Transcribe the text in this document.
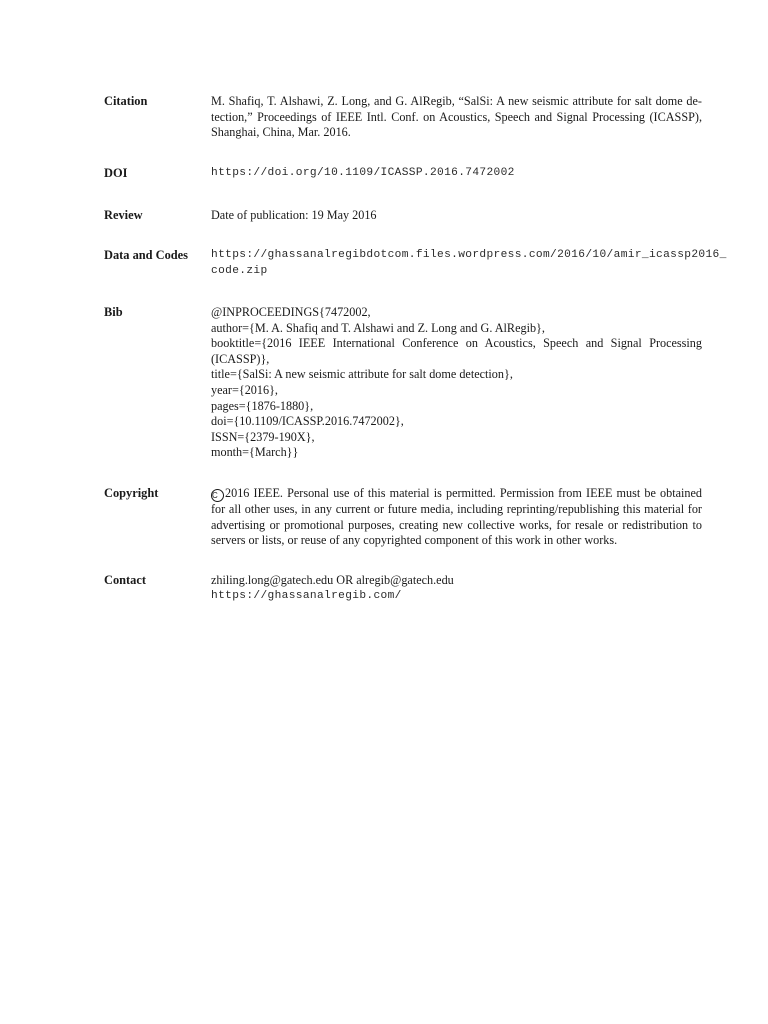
Citation	M. Shafiq, T. Alshawi, Z. Long, and G. AlRegib, “SalSi: A new seismic attribute for salt dome de-
tection,” Proceedings of IEEE Intl. Conf. on Acoustics, Speech and Signal Processing (ICASSP),
Shanghai, China, Mar. 2016.
DOI	https://doi.org/10.1109/ICASSP.2016.7472002
Review	Date of publication: 19 May 2016
Data and Codes https://ghassanalregibdotcom.files.wordpress.com/2016/10/amir_icassp2016_
code.zip
Bib	@INPROCEEDINGS{7472002,
author={M. A. Shafiq and T. Alshawi and Z. Long and G. AlRegib},
booktitle={2016 IEEE International Conference on Acoustics, Speech and Signal Processing
(ICASSP)},
title={SalSi: A new seismic attribute for salt dome detection},
year={2016},
pages={1876-1880},
doi={10.1109/ICASSP.2016.7472002},
ISSN={2379-190X},
month={March}}
Copyright	C 2016 IEEE. Personal use of this material is permitted. Permission from IEEE must be obtained
for all other uses, in any current or future media, including reprinting/republishing this material for
advertising or promotional purposes, creating new collective works, for resale or redistribution to
servers or lists, or reuse of any copyrighted component of this work in other works.
Contact	zhiling.long@gatech.edu OR alregib@gatech.edu
https://ghassanalregib.com/
